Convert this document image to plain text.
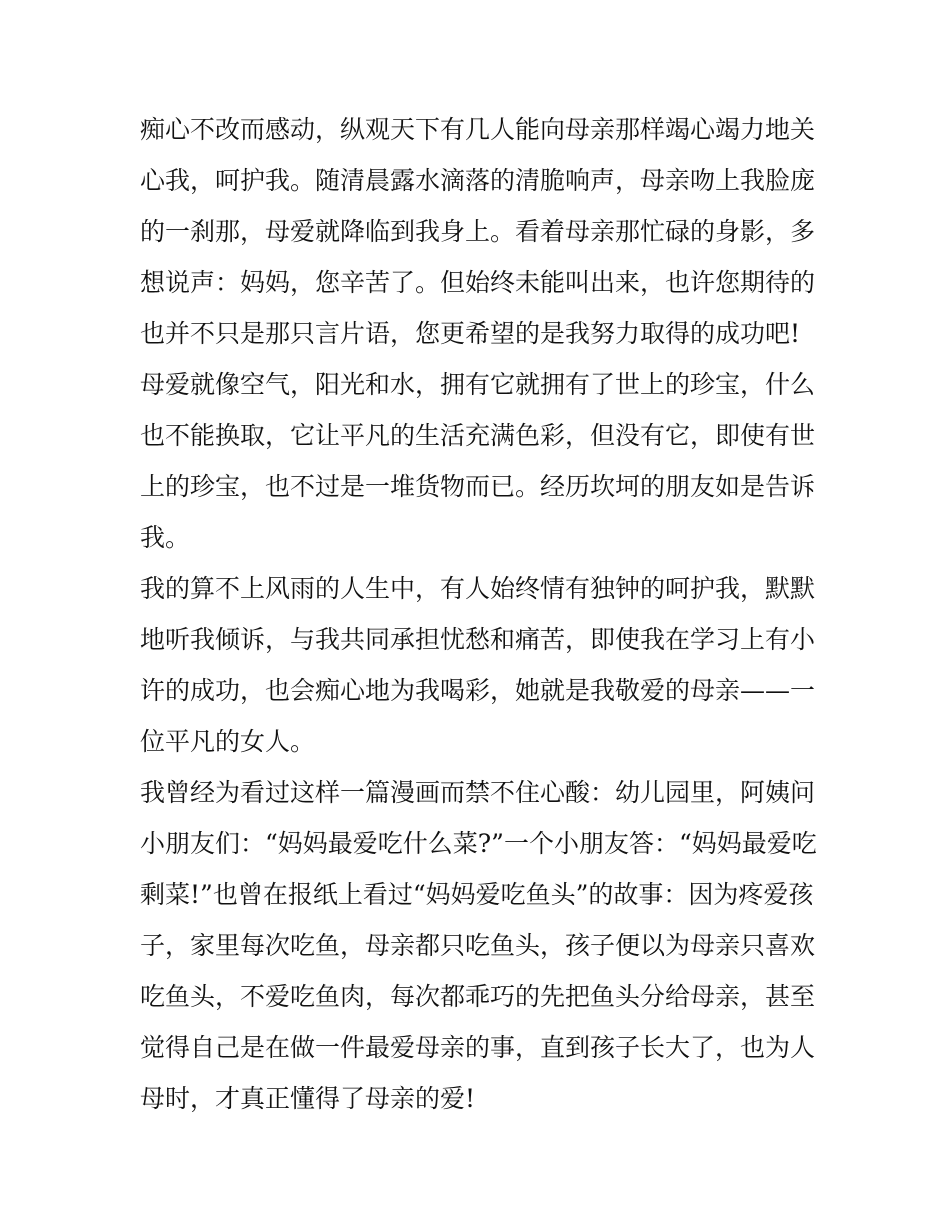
痴心不改而感动，纵观天下有几人能向母亲那样竭心竭力地关
心我，呵护我。随清晨露水滴落的清脆响声，母亲吻上我脸庞
的一刹那，母爱就降临到我身上。看着母亲那忙碌的身影，多
想说声：妈妈，您辛苦了。但始终未能叫出来，也许您期待的
也并不只是那只言片语，您更希望的是我努力取得的成功吧!
母爱就像空气，阳光和水，拥有它就拥有了世上的珍宝，什么
也不能换取，它让平凡的生活充满色彩，但没有它，即使有世
上的珍宝，也不过是一堆货物而已。经历坎坷的朋友如是告诉
我。
我的算不上风雨的人生中，有人始终情有独钟的呵护我，默默
地听我倾诉，与我共同承担忧愁和痛苦，即使我在学习上有小
许的成功，也会痴心地为我喝彩，她就是我敬爱的母亲——一
位平凡的女人。
我曾经为看过这样一篇漫画而禁不住心酸：幼儿园里，阿姨问
小朋友们：“妈妈最爱吃什么菜?”一个小朋友答：“妈妈最爱吃
剩菜!”也曾在报纸上看过“妈妈爱吃鱼头”的故事：因为疼爱孩
子，家里每次吃鱼，母亲都只吃鱼头，孩子便以为母亲只喜欢
吃鱼头，不爱吃鱼肉，每次都乖巧的先把鱼头分给母亲，甚至
觉得自己是在做一件最爱母亲的事，直到孩子长大了，也为人
母时，才真正懂得了母亲的爱!
